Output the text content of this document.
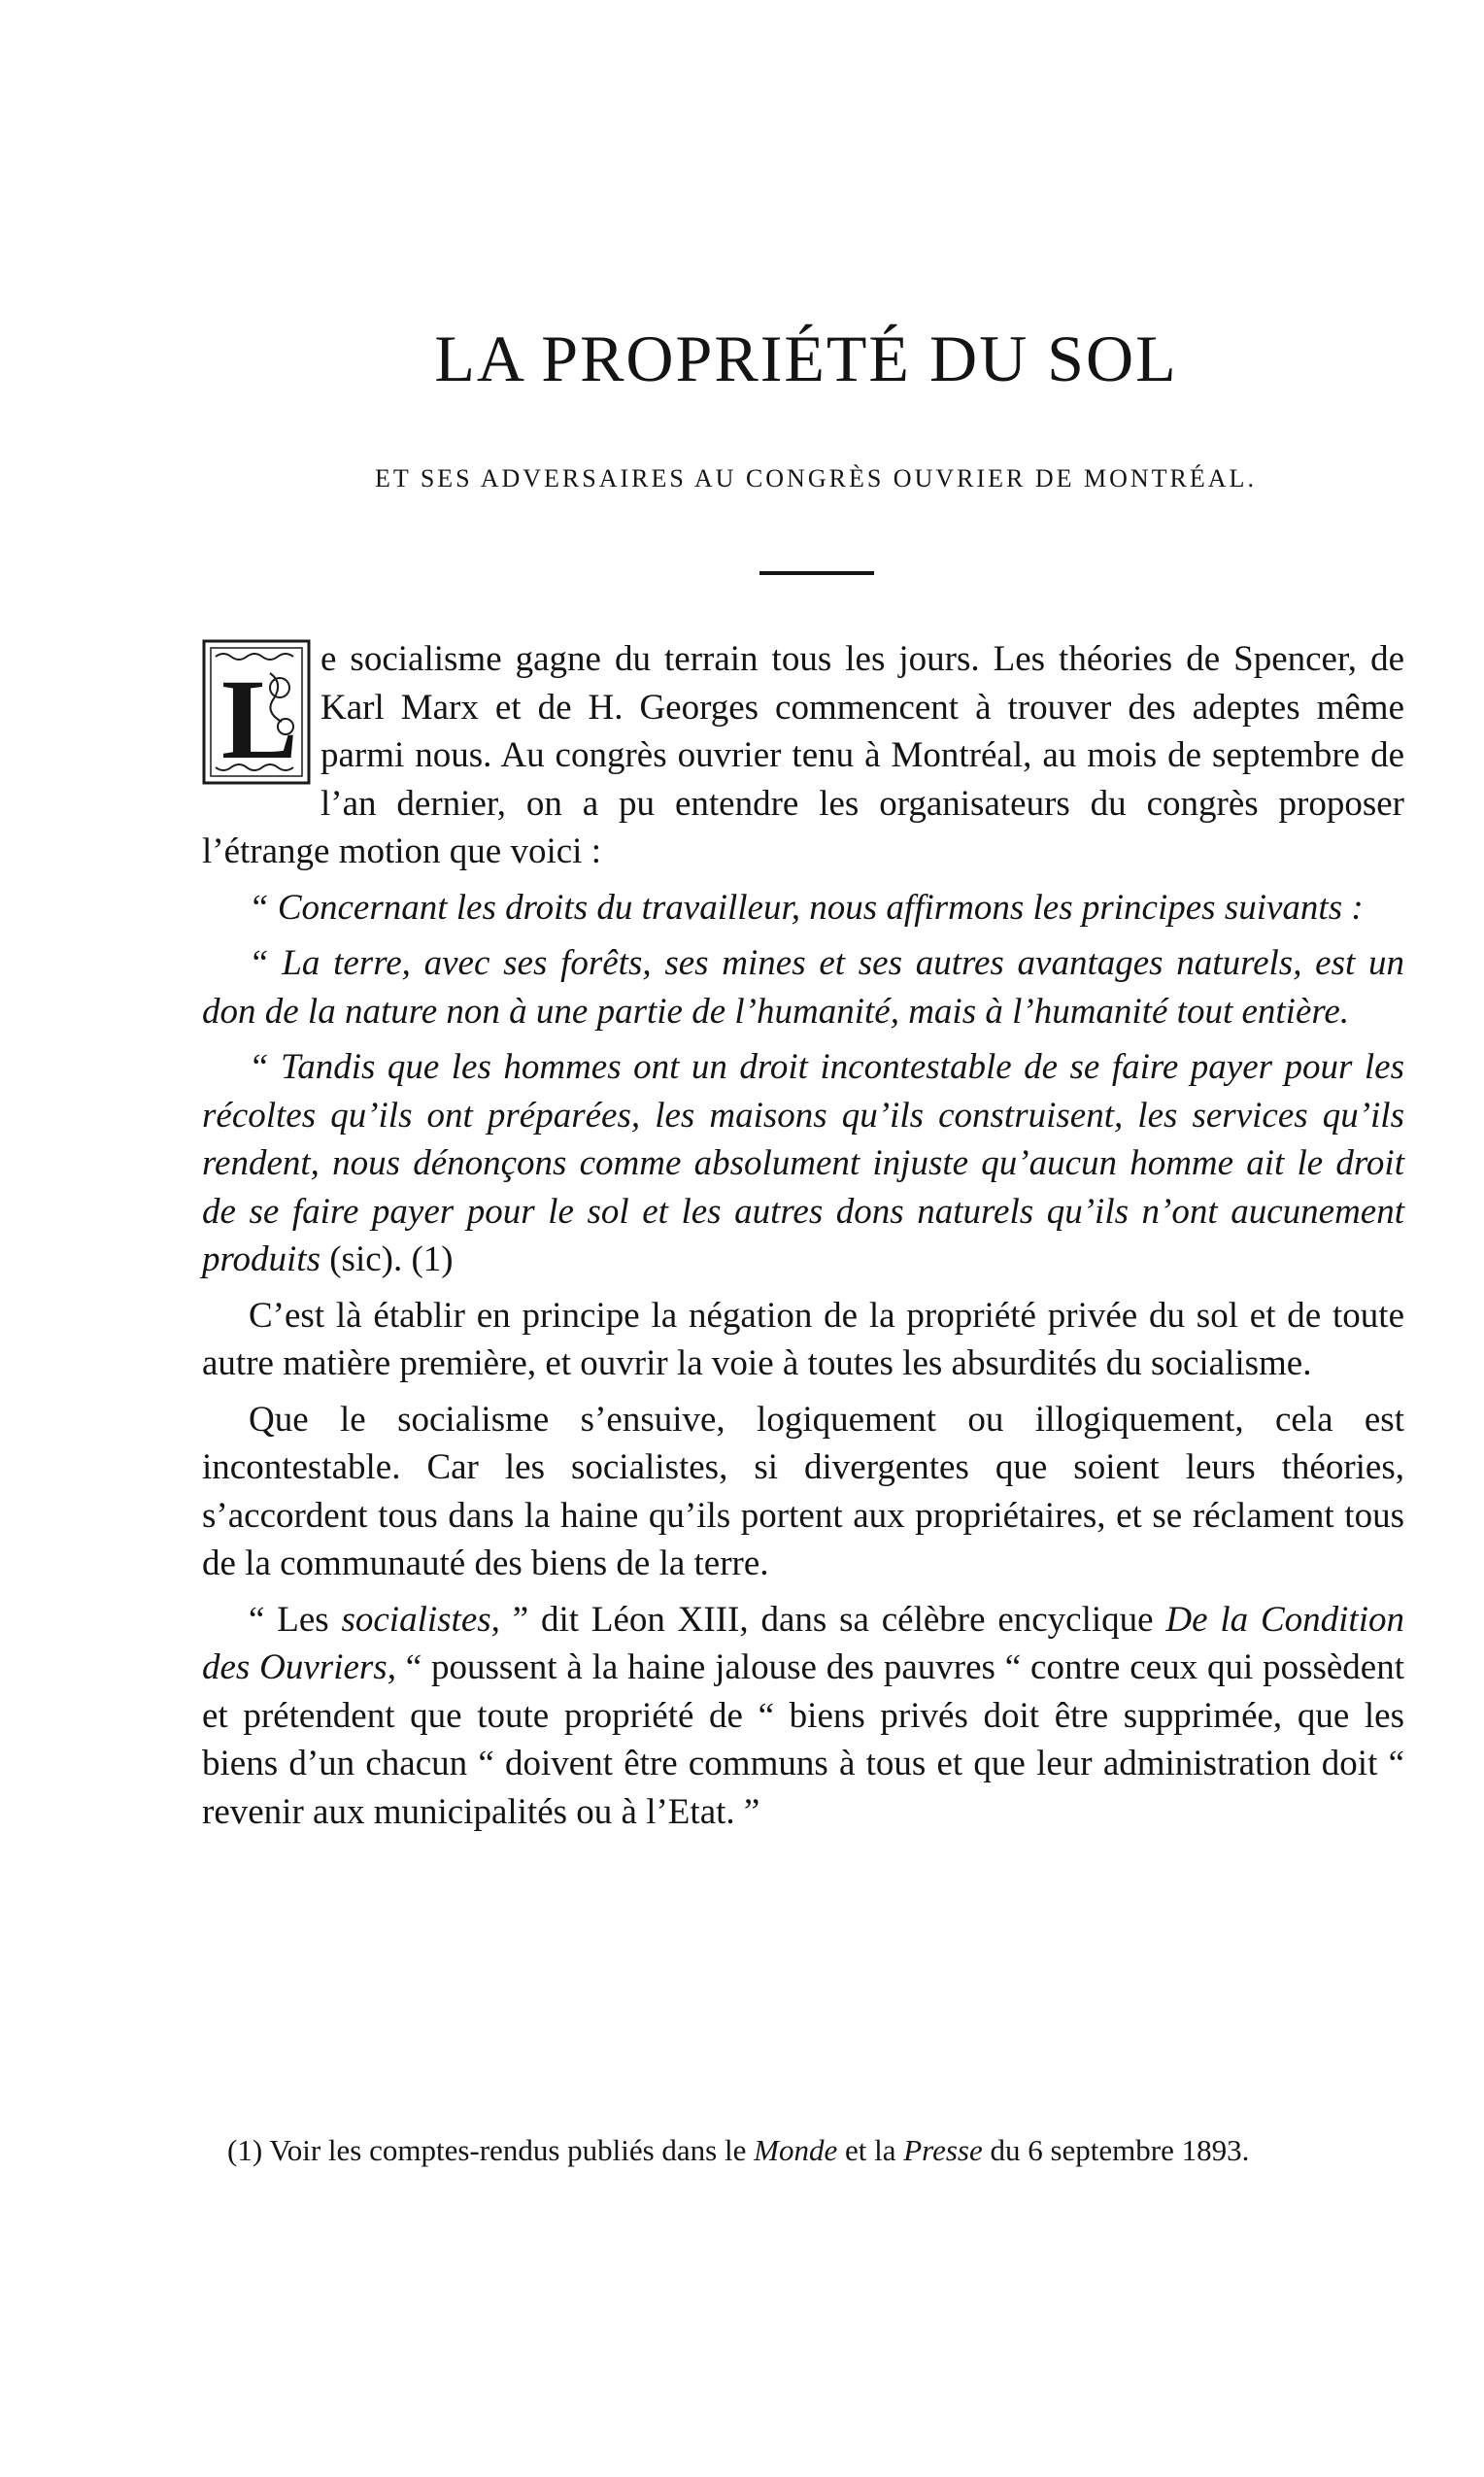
LA PROPRIÉTÉ DU SOL
ET SES ADVERSAIRES AU CONGRÈS OUVRIER DE MONTRÉAL.

L e socialisme gagne du terrain tous les jours. Les théories de Spencer, de Karl Marx et de H. Georges commencent à trouver des adeptes même parmi nous. Au congrès ouvrier tenu à Montréal, au mois de septembre de l’an dernier, on a pu entendre les organisateurs du congrès proposer l’étrange motion que voici :

“ Concernant les droits du travailleur, nous affirmons les principes suivants :

“ La terre, avec ses forêts, ses mines et ses autres avantages naturels, est un don de la nature non à une partie de l’humanité, mais à l’humanité tout entière.

“ Tandis que les hommes ont un droit incontestable de se faire payer pour les récoltes qu’ils ont préparées, les maisons qu’ils construisent, les services qu’ils rendent, nous dénonçons comme absolument injuste qu’aucun homme ait le droit de se faire payer pour le sol et les autres dons naturels qu’ils n’ont aucunement produits (sic). (1)

C’est là établir en principe la négation de la propriété privée du sol et de toute autre matière première, et ouvrir la voie à toutes les absurdités du socialisme.

Que le socialisme s’ensuive, logiquement ou illogiquement, cela est incontestable. Car les socialistes, si divergentes que soient leurs théories, s’accordent tous dans la haine qu’ils portent aux propriétaires, et se réclament tous de la communauté des biens de la terre.

“ Les socialistes, ” dit Léon XIII, dans sa célèbre encyclique De la Condition des Ouvriers, “ poussent à la haine jalouse des pauvres “ contre ceux qui possèdent et prétendent que toute propriété de “ biens privés doit être supprimée, que les biens d’un chacun “ doivent être communs à tous et que leur administration doit “ revenir aux municipalités ou à l’Etat. ”

(1) Voir les comptes-rendus publiés dans le Monde et la Presse du 6 septembre 1893.
